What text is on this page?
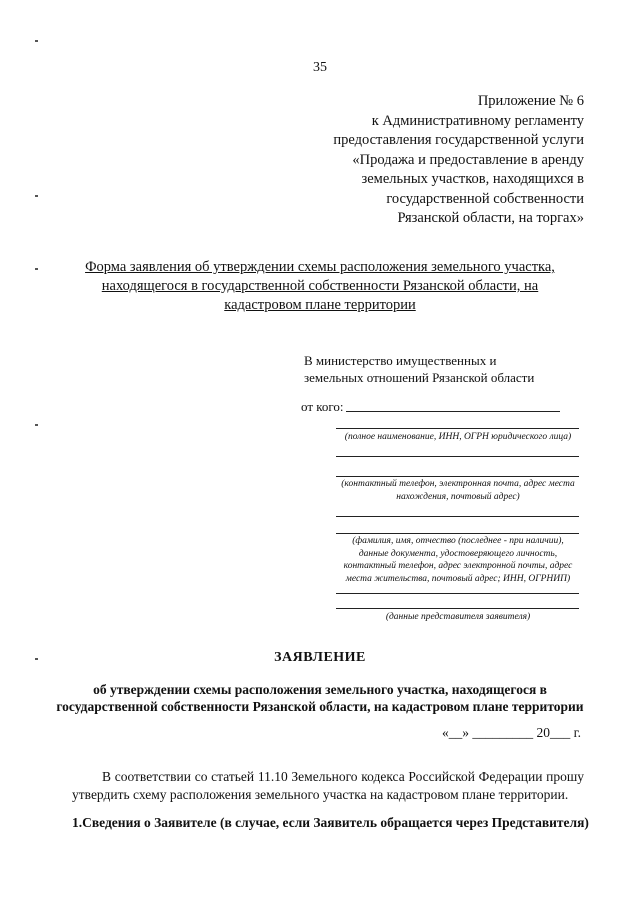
35
Приложение № 6
к Административному регламенту
предоставления государственной услуги
«Продажа и предоставление в аренду
земельных участков, находящихся в
государственной собственности
Рязанской области, на торгах»
Форма заявления об утверждении схемы расположения земельного участка,
находящегося в государственной собственности Рязанской области, на
кадастровом плане территории
В министерство имущественных и
земельных отношений Рязанской области
от кого:
(полное наименование, ИНН, ОГРН юридического лица)
(контактный телефон, электронная почта, адрес места
нахождения, почтовый адрес)
(фамилия, имя, отчество (последнее - при наличии),
данные документа, удостоверяющего личность,
контактный телефон, адрес электронной почты, адрес
места жительства, почтовый адрес; ИНН, ОГРНИП)
(данные представителя заявителя)
ЗАЯВЛЕНИЕ
об утверждении схемы расположения земельного участка, находящегося в
государственной собственности Рязанской области, на кадастровом плане территории
«__» _________ 20___ г.
В соответствии со статьей 11.10 Земельного кодекса Российской Федерации прошу утвердить схему расположения земельного участка на кадастровом плане территории.
1.Сведения о Заявителе (в случае, если Заявитель обращается через Представителя)
